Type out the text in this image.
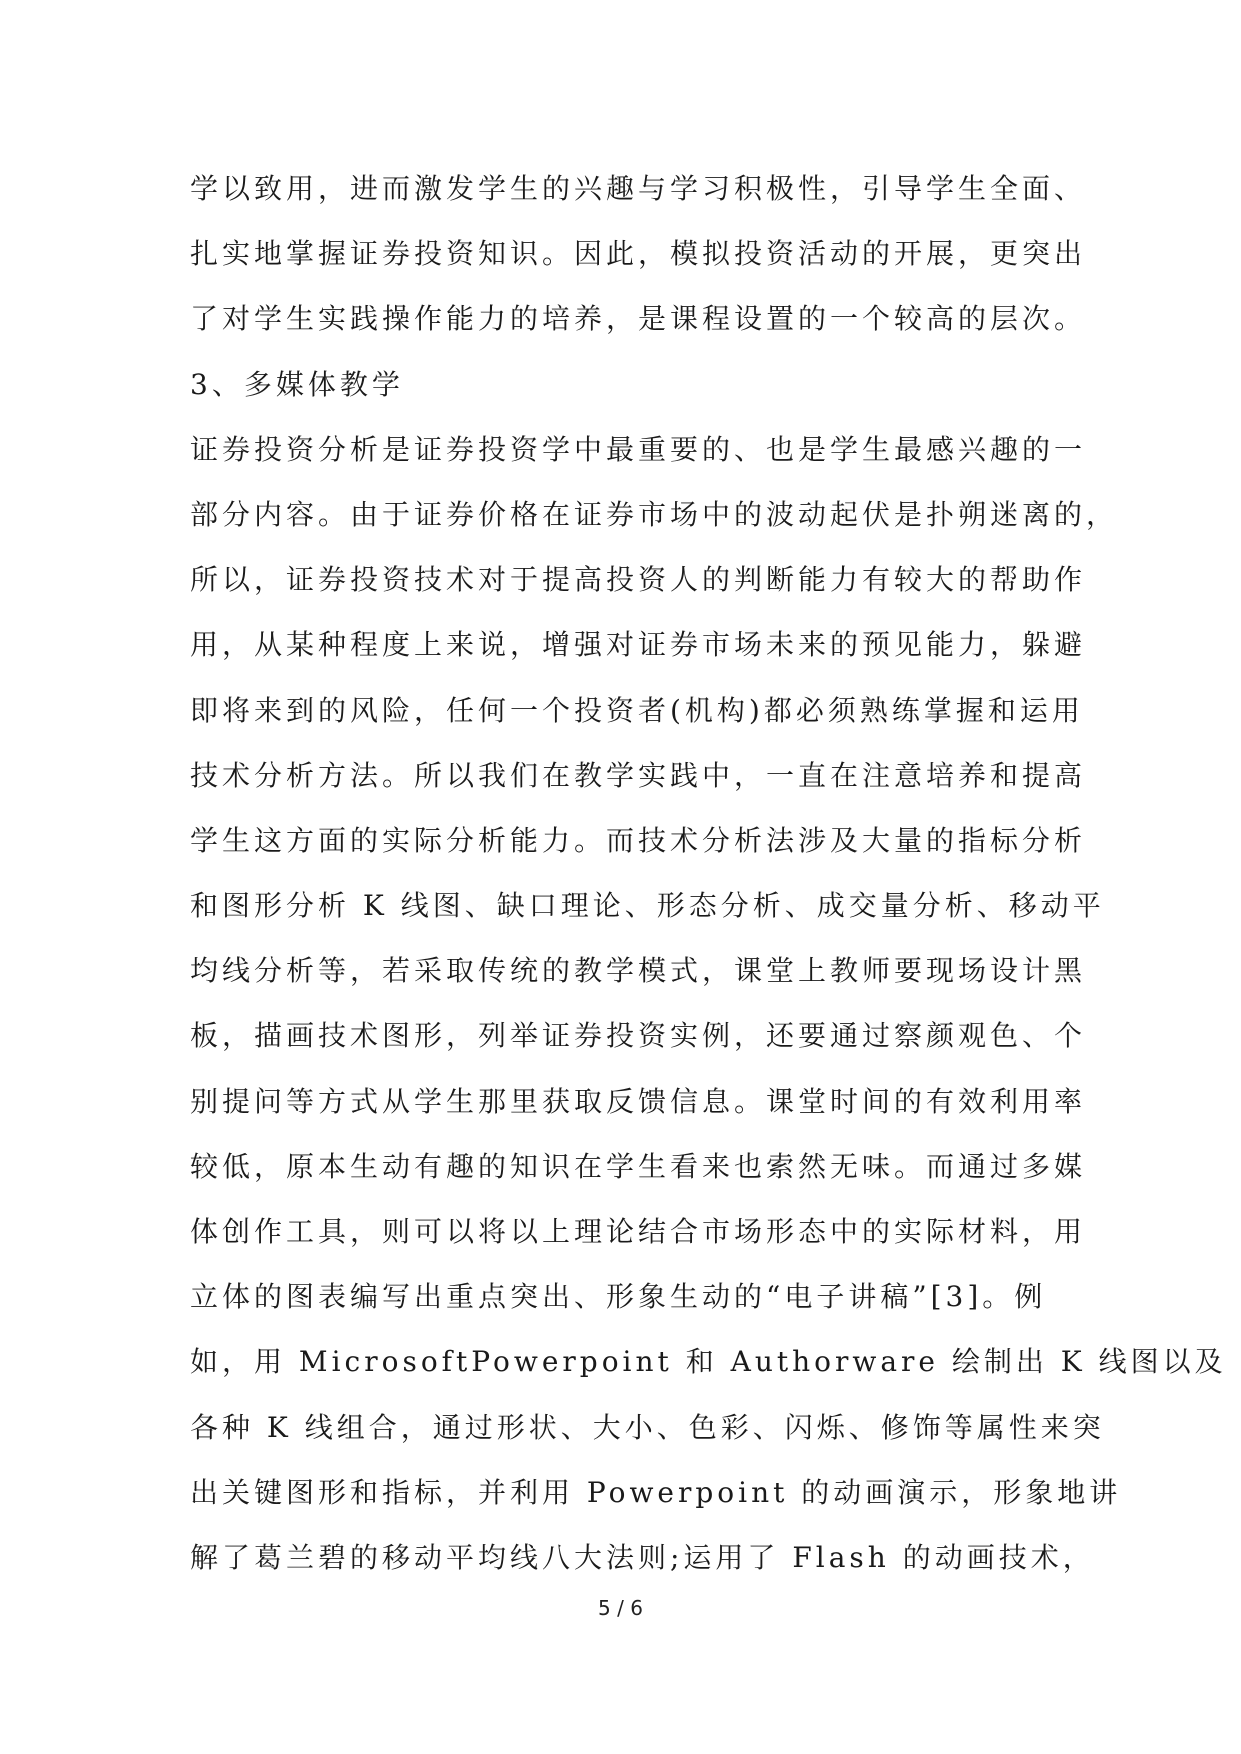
学以致用，进而激发学生的兴趣与学习积极性，引导学生全面、
扎实地掌握证券投资知识。因此，模拟投资活动的开展，更突出
了对学生实践操作能力的培养，是课程设置的一个较高的层次。
3、多媒体教学
证券投资分析是证券投资学中最重要的、也是学生最感兴趣的一
部分内容。由于证券价格在证券市场中的波动起伏是扑朔迷离的，
所以，证券投资技术对于提高投资人的判断能力有较大的帮助作
用，从某种程度上来说，增强对证券市场未来的预见能力，躲避
即将来到的风险，任何一个投资者(机构)都必须熟练掌握和运用
技术分析方法。所以我们在教学实践中，一直在注意培养和提高
学生这方面的实际分析能力。而技术分析法涉及大量的指标分析
和图形分析 K 线图、缺口理论、形态分析、成交量分析、移动平
均线分析等，若采取传统的教学模式，课堂上教师要现场设计黑
板，描画技术图形，列举证券投资实例，还要通过察颜观色、个
别提问等方式从学生那里获取反馈信息。课堂时间的有效利用率
较低，原本生动有趣的知识在学生看来也索然无味。而通过多媒
体创作工具，则可以将以上理论结合市场形态中的实际材料，用
立体的图表编写出重点突出、形象生动的“电子讲稿”[3]。例
如，用 MicrosoftPowerpoint 和 Authorware 绘制出 K 线图以及
各种 K 线组合，通过形状、大小、色彩、闪烁、修饰等属性来突
出关键图形和指标，并利用 Powerpoint 的动画演示，形象地讲
解了葛兰碧的移动平均线八大法则;运用了 Flash 的动画技术，
5 / 6
